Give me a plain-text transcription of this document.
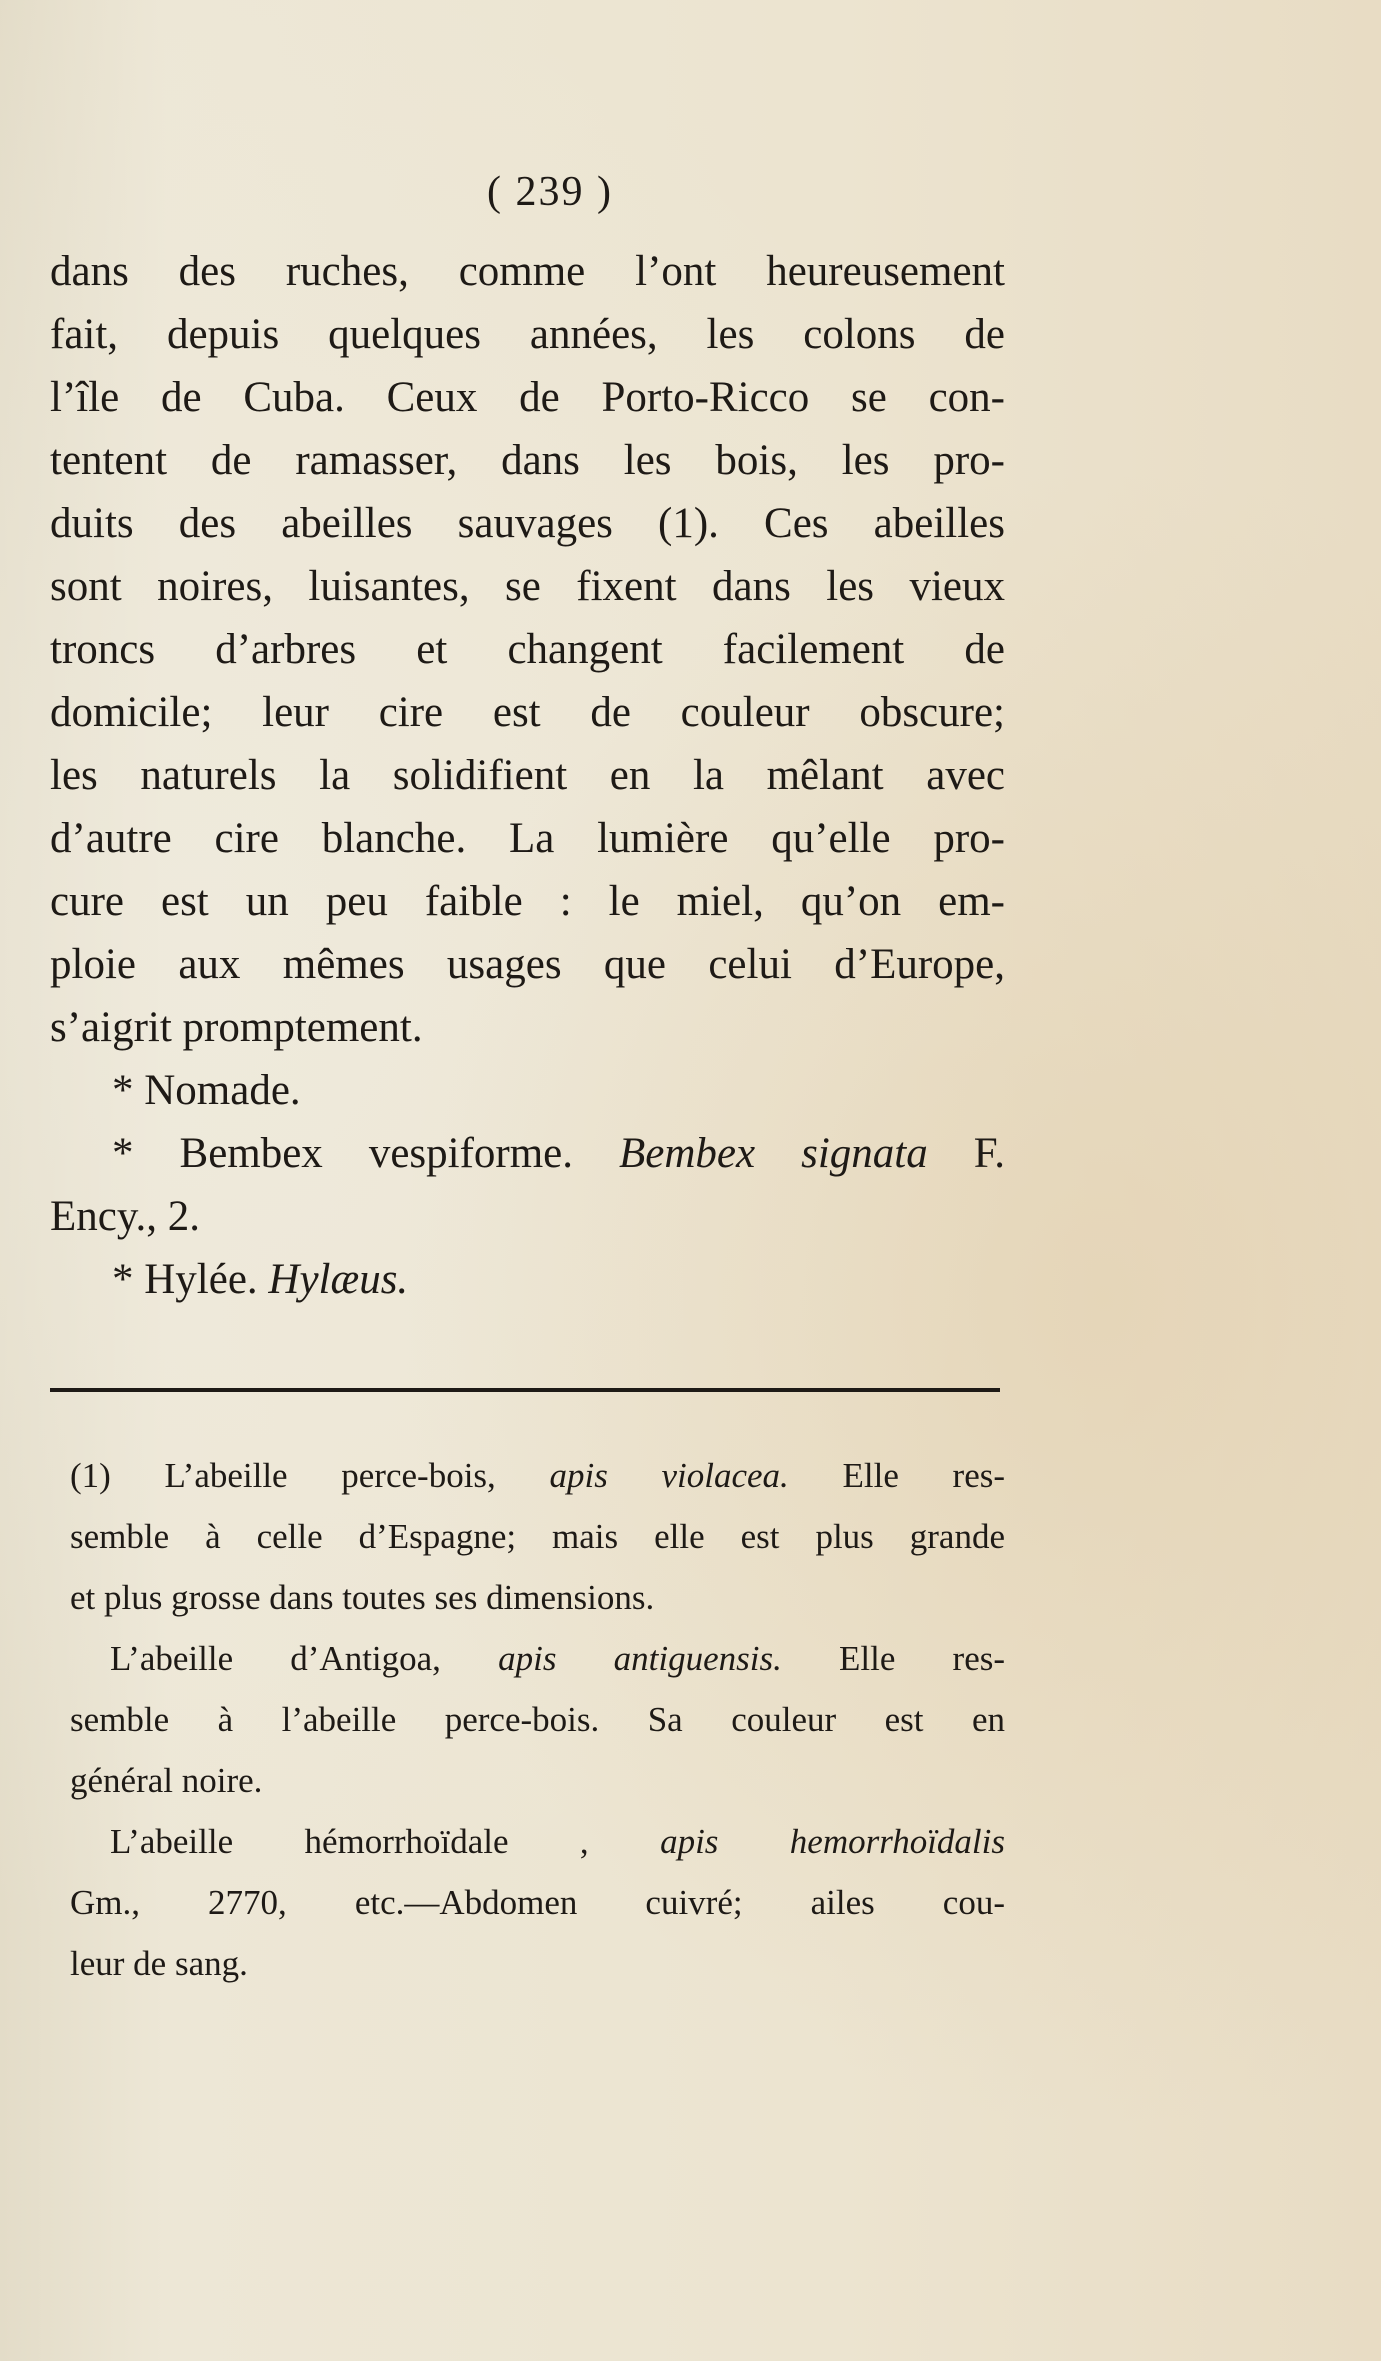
( 239 )
dans des ruches, comme l’ont heureusement
fait, depuis quelques années, les colons de
l’île de Cuba. Ceux de Porto-Ricco se con-
tentent de ramasser, dans les bois, les pro-
duits des abeilles sauvages (1). Ces abeilles
sont noires, luisantes, se fixent dans les vieux
troncs d’arbres et changent facilement de
domicile; leur cire est de couleur obscure;
les naturels la solidifient en la mêlant avec
d’autre cire blanche. La lumière qu’elle pro-
cure est un peu faible : le miel, qu’on em-
ploie aux mêmes usages que celui d’Europe,
s’aigrit promptement.
* Nomade.
* Bembex vespiforme. Bembex signata F.
Ency., 2.
* Hylée. Hylæus.
(1) L’abeille perce-bois, apis violacea. Elle res-
semble à celle d’Espagne; mais elle est plus grande
et plus grosse dans toutes ses dimensions.
L’abeille d’Antigoa, apis antiguensis. Elle res-
semble à l’abeille perce-bois. Sa couleur est en
général noire.
L’abeille hémorrhoïdale , apis hemorrhoïdalis
Gm., 2770, etc.—Abdomen cuivré; ailes cou-
leur de sang.
